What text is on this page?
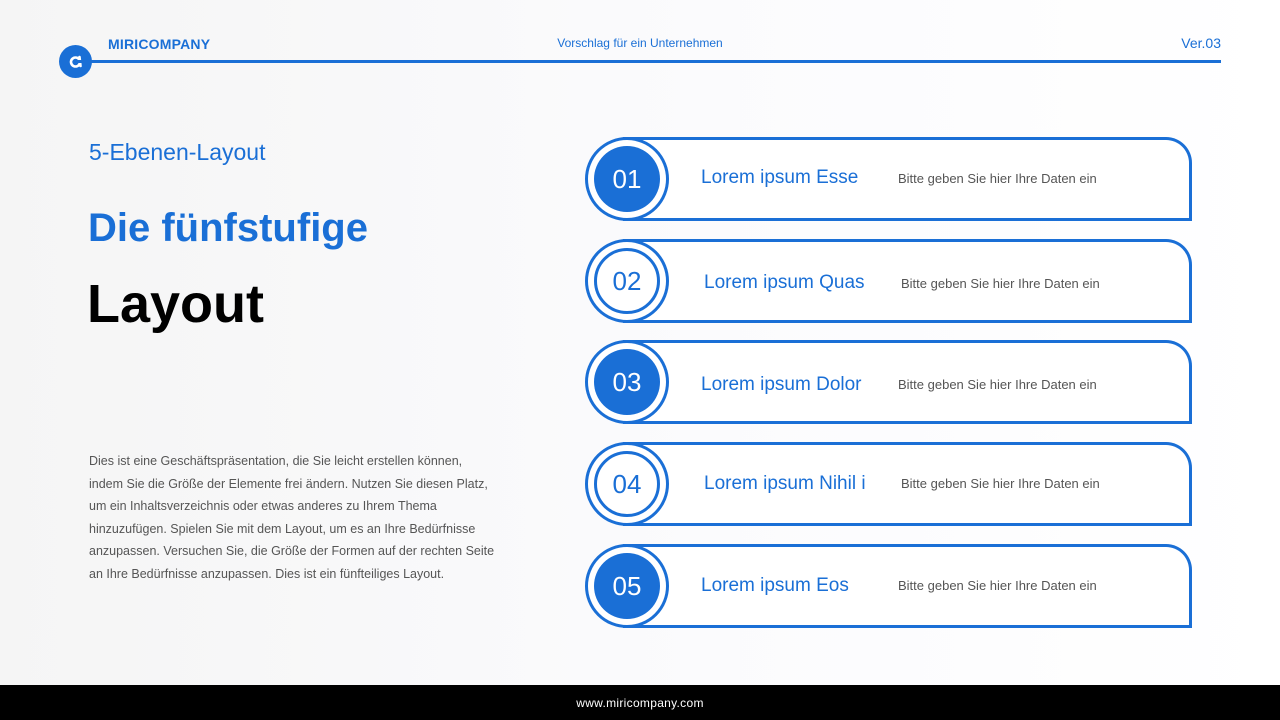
MIRICOMPANY	Vorschlag für ein Unternehmen	Ver.03
5-Ebenen-Layout
Die fünfstufige
Layout
Dies ist eine Geschäftspräsentation, die Sie leicht erstellen können, indem Sie die Größe der Elemente frei ändern. Nutzen Sie diesen Platz, um ein Inhaltsverzeichnis oder etwas anderes zu Ihrem Thema hinzuzufügen. Spielen Sie mit dem Layout, um es an Ihre Bedürfnisse anzupassen. Versuchen Sie, die Größe der Formen auf der rechten Seite an Ihre Bedürfnisse anzupassen. Dies ist ein fünfteiliges Layout.
01	Lorem ipsum Esse	Bitte geben Sie hier Ihre Daten ein
02	Lorem ipsum Quas	Bitte geben Sie hier Ihre Daten ein
03	Lorem ipsum Dolor	Bitte geben Sie hier Ihre Daten ein
04	Lorem ipsum Nihil i	Bitte geben Sie hier Ihre Daten ein
05	Lorem ipsum Eos	Bitte geben Sie hier Ihre Daten ein
www.miricompany.com
